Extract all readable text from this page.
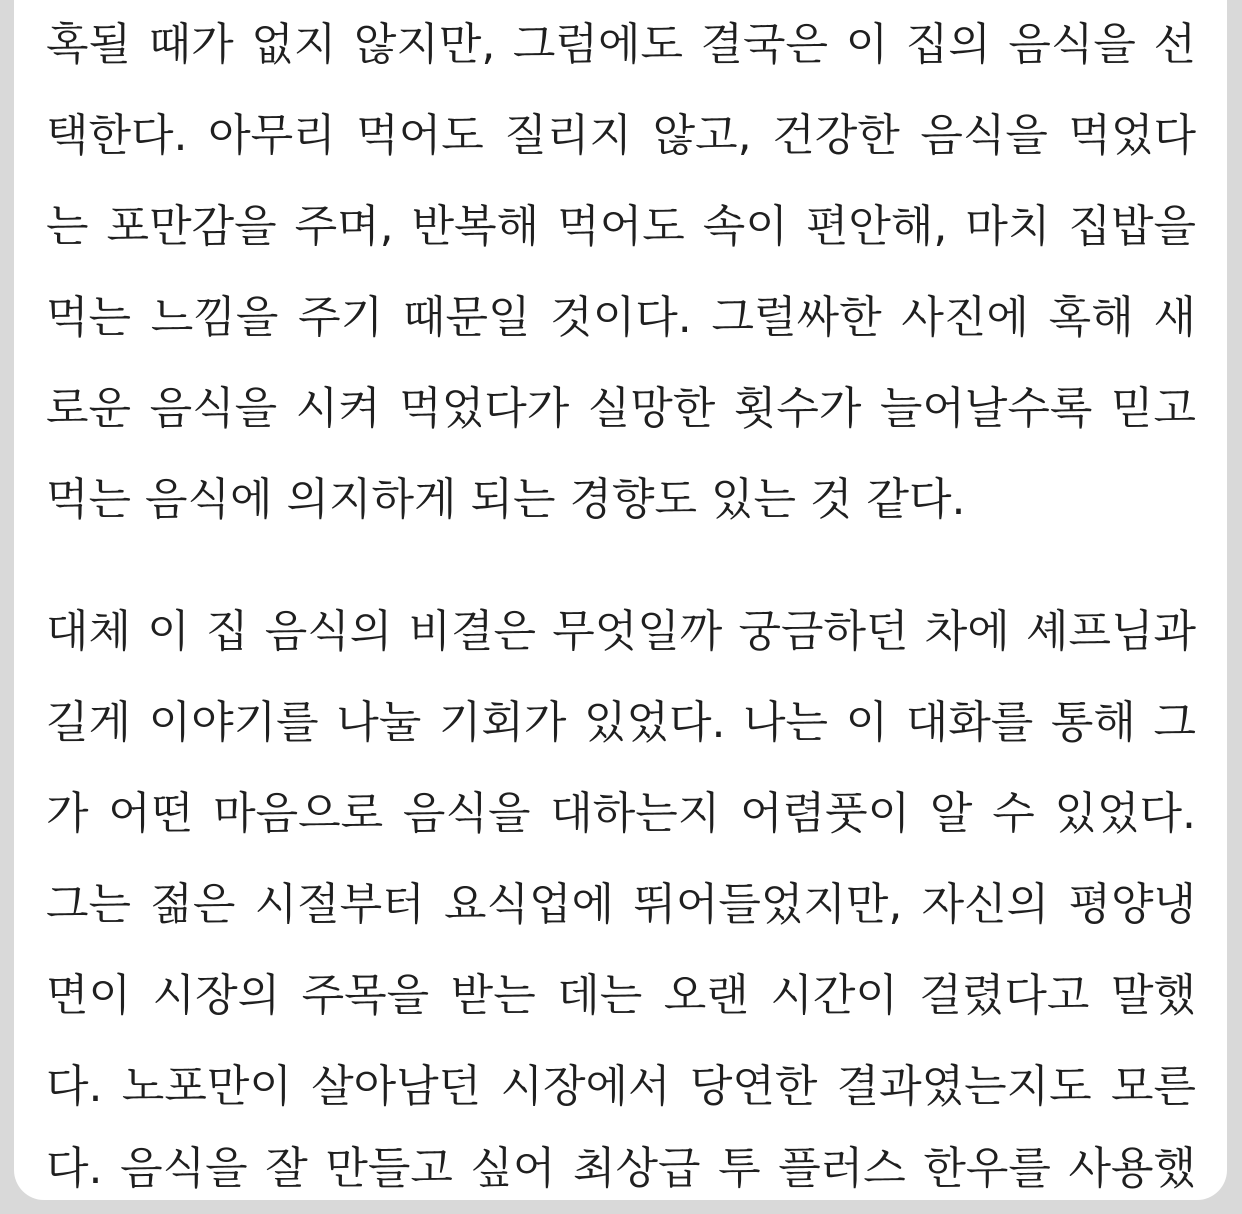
혹될 때가 없지 않지만, 그럼에도 결국은 이 집의 음식을 선
택한다. 아무리 먹어도 질리지 않고, 건강한 음식을 먹었다
는 포만감을 주며, 반복해 먹어도 속이 편안해, 마치 집밥을
먹는 느낌을 주기 때문일 것이다. 그럴싸한 사진에 혹해 새
로운 음식을 시켜 먹었다가 실망한 횟수가 늘어날수록 믿고
먹는 음식에 의지하게 되는 경향도 있는 것 같다.
대체 이 집 음식의 비결은 무엇일까 궁금하던 차에 셰프님과
길게 이야기를 나눌 기회가 있었다. 나는 이 대화를 통해 그
가 어떤 마음으로 음식을 대하는지 어렴풋이 알 수 있었다.
그는 젊은 시절부터 요식업에 뛰어들었지만, 자신의 평양냉
면이 시장의 주목을 받는 데는 오랜 시간이 걸렸다고 말했
다. 노포만이 살아남던 시장에서 당연한 결과였는지도 모른
다. 음식을 잘 만들고 싶어 최상급 투 플러스 한우를 사용했
